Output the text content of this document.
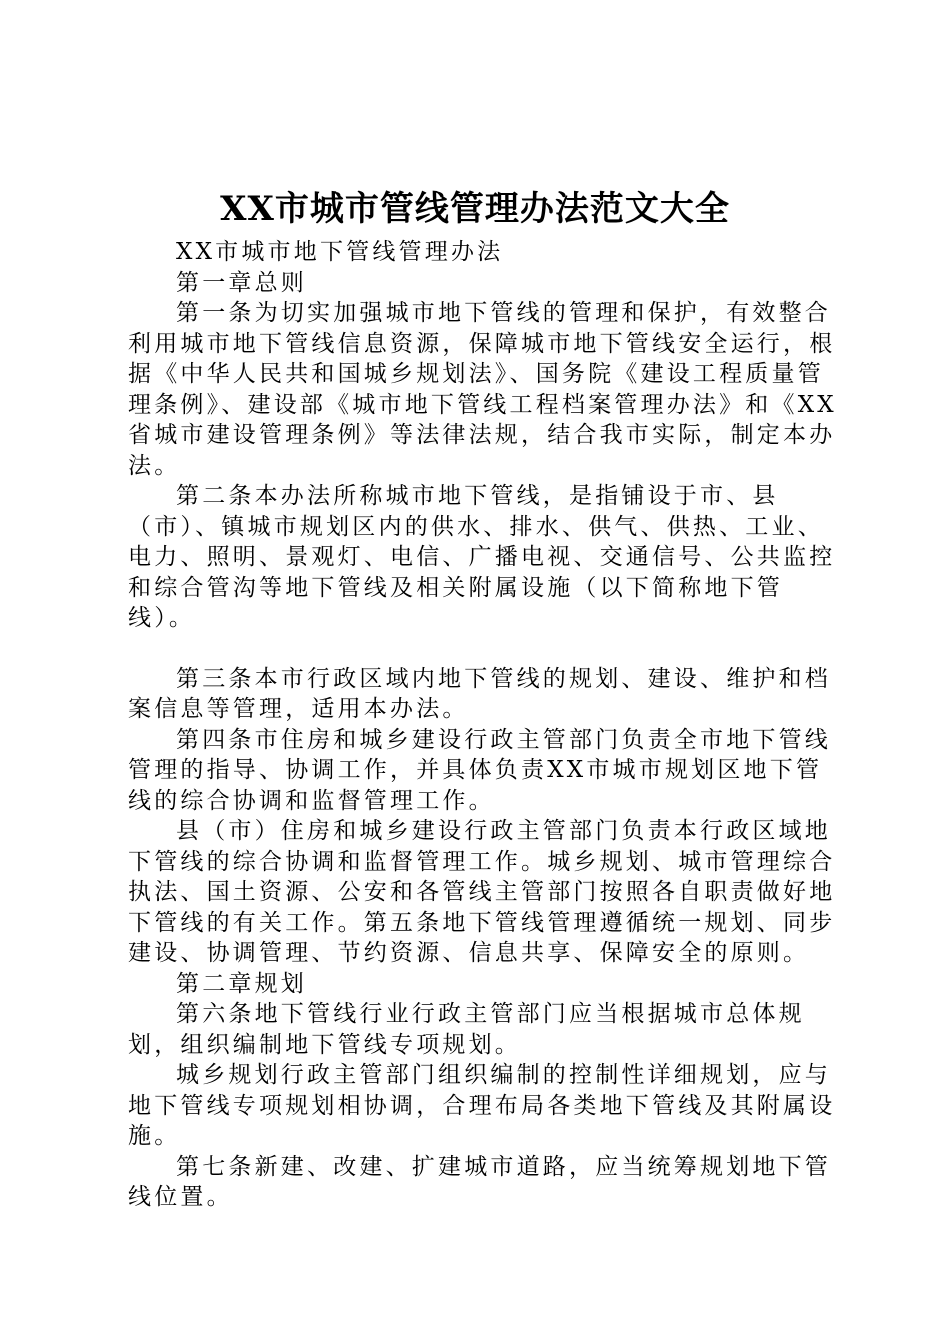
XX市城市管线管理办法范文大全

XX市城市地下管线管理办法

第一章总则

第一条为切实加强城市地下管线的管理和保护，有效整合利用城市地下管线信息资源，保障城市地下管线安全运行，根据《中华人民共和国城乡规划法》、国务院《建设工程质量管理条例》、建设部《城市地下管线工程档案管理办法》和《XX省城市建设管理条例》等法律法规，结合我市实际，制定本办法。

第二条本办法所称城市地下管线，是指铺设于市、县（市）、镇城市规划区内的供水、排水、供气、供热、工业、电力、照明、景观灯、电信、广播电视、交通信号、公共监控和综合管沟等地下管线及相关附属设施（以下简称地下管线）。

第三条本市行政区域内地下管线的规划、建设、维护和档案信息等管理，适用本办法。

第四条市住房和城乡建设行政主管部门负责全市地下管线管理的指导、协调工作，并具体负责XX市城市规划区地下管线的综合协调和监督管理工作。

县（市）住房和城乡建设行政主管部门负责本行政区域地下管线的综合协调和监督管理工作。城乡规划、城市管理综合执法、国土资源、公安和各管线主管部门按照各自职责做好地下管线的有关工作。第五条地下管线管理遵循统一规划、同步建设、协调管理、节约资源、信息共享、保障安全的原则。

第二章规划

第六条地下管线行业行政主管部门应当根据城市总体规划，组织编制地下管线专项规划。

城乡规划行政主管部门组织编制的控制性详细规划，应与地下管线专项规划相协调，合理布局各类地下管线及其附属设施。

第七条新建、改建、扩建城市道路，应当统筹规划地下管线位置。
